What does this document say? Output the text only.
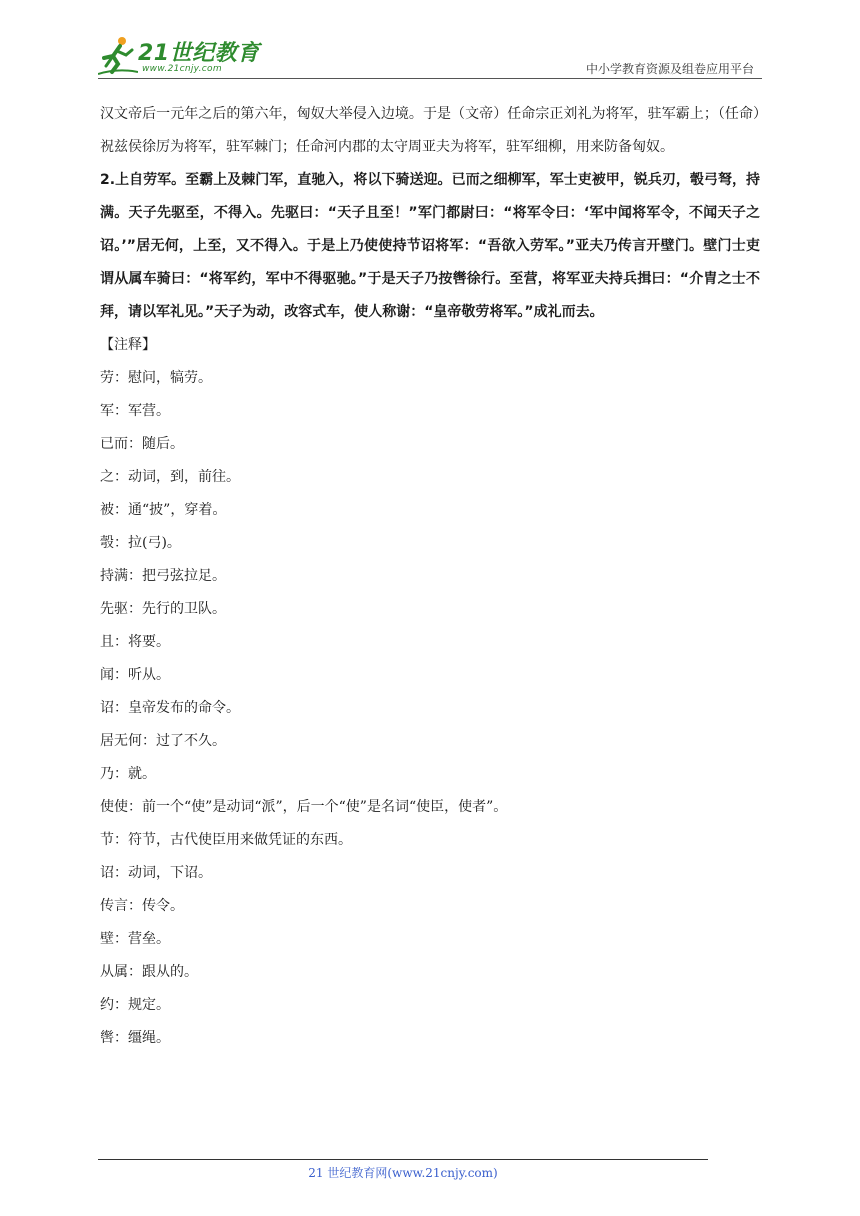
21世纪教育
www.21cnjy.com	中小学教育资源及组卷应用平台

汉文帝后一元年之后的第六年，匈奴大举侵入边境。于是（文帝）任命宗正刘礼为将军，驻军霸上；（任命）祝兹侯徐厉为将军，驻军棘门；任命河内郡的太守周亚夫为将军，驻军细柳，用来防备匈奴。

2.上自劳军。至霸上及棘门军，直驰入，将以下骑送迎。已而之细柳军，军士吏被甲，锐兵刃，彀弓弩，持满。天子先驱至，不得入。先驱曰：“天子且至！”军门都尉曰：“将军令曰：‘军中闻将军令，不闻天子之诏。’”居无何，上至，又不得入。于是上乃使使持节诏将军：“吾欲入劳军。”亚夫乃传言开壁门。壁门士吏谓从属车骑曰：“将军约，军中不得驱驰。”于是天子乃按辔徐行。至营，将军亚夫持兵揖曰：“介胄之士不拜，请以军礼见。”天子为动，改容式车，使人称谢：“皇帝敬劳将军。”成礼而去。

【注释】

劳：慰问，犒劳。

军：军营。

已而：随后。

之：动词，到，前往。

被：通“披”，穿着。

彀：拉(弓)。

持满：把弓弦拉足。

先驱：先行的卫队。

且：将要。

闻：听从。

诏：皇帝发布的命令。

居无何：过了不久。

乃：就。

使使：前一个“使”是动词“派”，后一个“使”是名词“使臣，使者”。

节：符节，古代使臣用来做凭证的东西。

诏：动词，下诏。

传言：传令。

壁：营垒。

从属：跟从的。

约：规定。

辔：缰绳。

21 世纪教育网(www.21cnjy.com)
